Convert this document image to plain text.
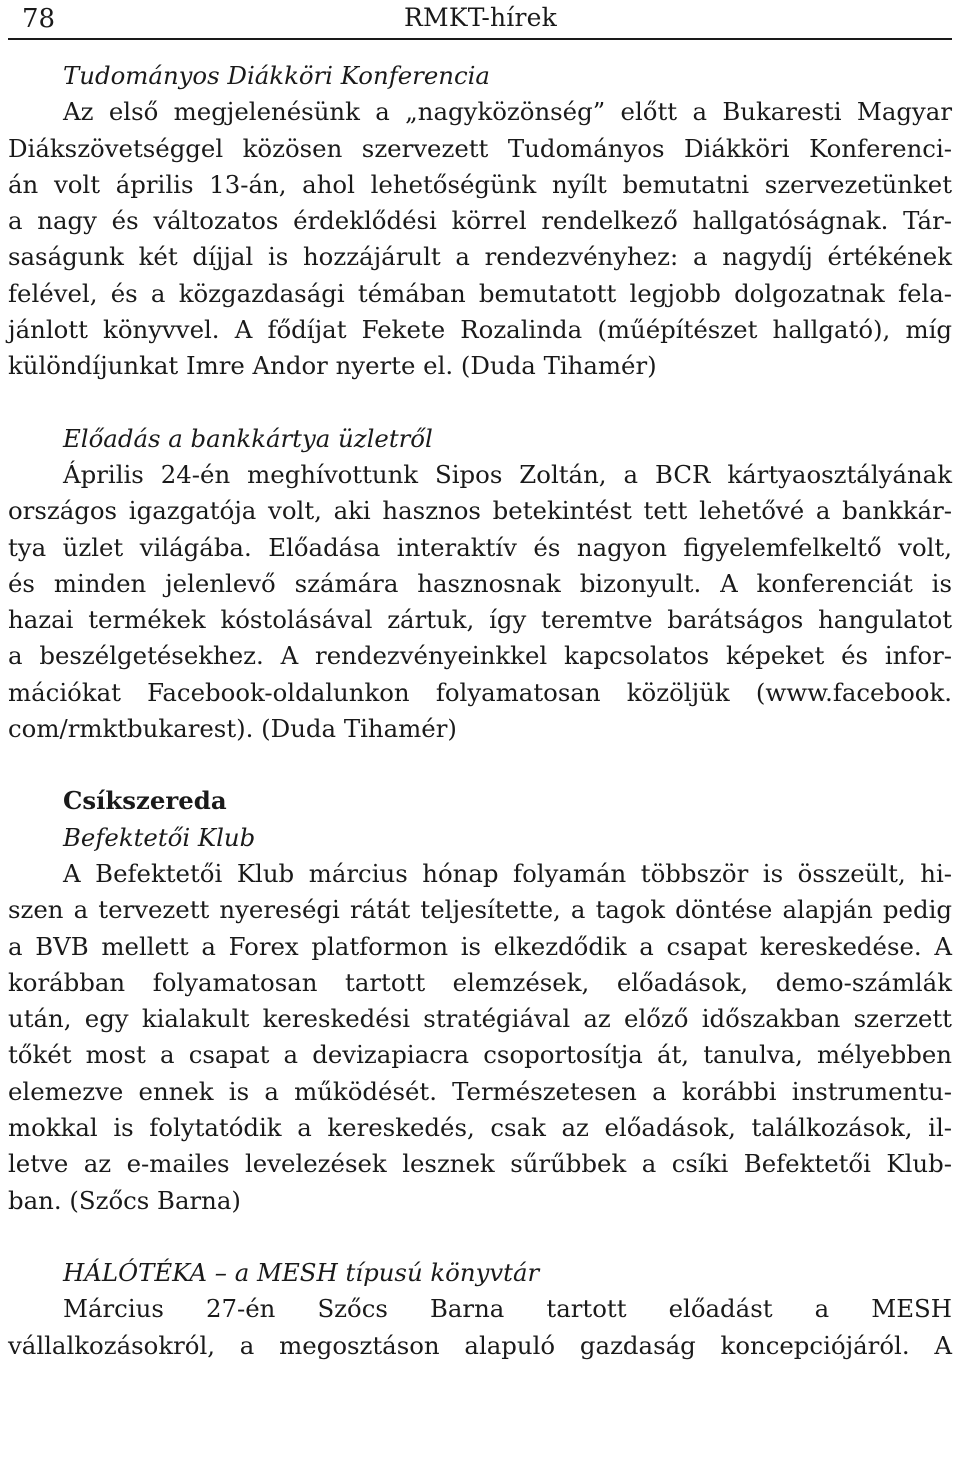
78	RMKT-hírek
Tudományos Diákköri Konferencia
Az első megjelenésünk a „nagyközönség” előtt a Bukaresti Magyar
Diákszövetséggel közösen szervezett Tudományos Diákköri Konferenci-
án volt április 13-án, ahol lehetőségünk nyílt bemutatni szervezetünket
a nagy és változatos érdeklődési körrel rendelkező hallgatóságnak. Tár-
saságunk két díjjal is hozzájárult a rendezvényhez: a nagydíj értékének
felével, és a közgazdasági témában bemutatott legjobb dolgozatnak fela-
jánlott könyvvel. A fődíjat Fekete Rozalinda (műépítészet hallgató), míg
különdíjunkat Imre Andor nyerte el. (Duda Tihamér)
Előadás a bankkártya üzletről
Április 24-én meghívottunk Sipos Zoltán, a BCR kártyaosztályának
országos igazgatója volt, aki hasznos betekintést tett lehetővé a bankkár-
tya üzlet világába. Előadása interaktív és nagyon figyelemfelkeltő volt,
és minden jelenlevő számára hasznosnak bizonyult. A konferenciát is
hazai termékek kóstolásával zártuk, így teremtve barátságos hangulatot
a beszélgetésekhez. A rendezvényeinkkel kapcsolatos képeket és infor-
mációkat Facebook-oldalunkon folyamatosan közöljük (www.facebook.
com/rmktbukarest). (Duda Tihamér)
Csíkszereda
Befektetői Klub
A Befektetői Klub március hónap folyamán többször is összeült, hi-
szen a tervezett nyereségi rátát teljesítette, a tagok döntése alapján pedig
a BVB mellett a Forex platformon is elkezdődik a csapat kereskedése. A
korábban folyamatosan tartott elemzések, előadások, demo-számlák
után, egy kialakult kereskedési stratégiával az előző időszakban szerzett
tőkét most a csapat a devizapiacra csoportosítja át, tanulva, mélyebben
elemezve ennek is a működését. Természetesen a korábbi instrumentu-
mokkal is folytatódik a kereskedés, csak az előadások, találkozások, il-
letve az e-mailes levelezések lesznek sűrűbbek a csíki Befektetői Klub-
ban. (Szőcs Barna)
HÁLÓTÉKA – a MESH típusú könyvtár
Március 27-én Szőcs Barna tartott előadást a MESH
vállalkozásokról, a megosztáson alapuló gazdaság koncepciójáról. A
